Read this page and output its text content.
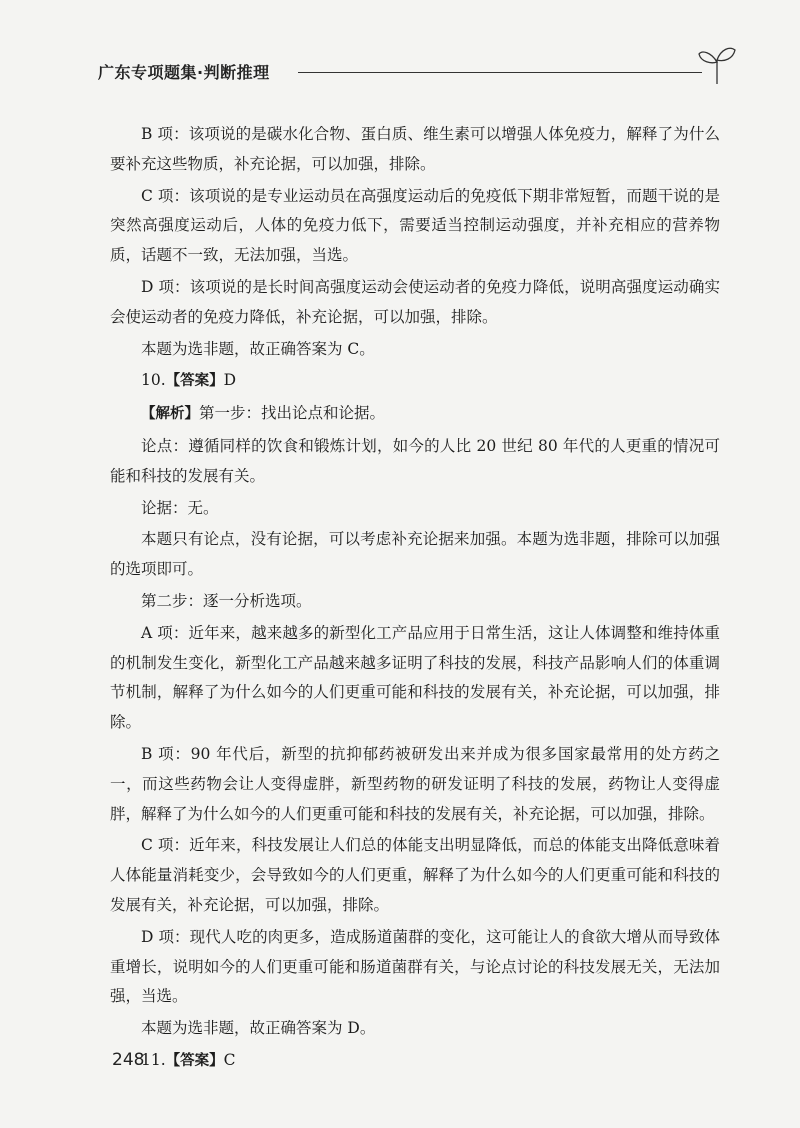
广东专项题集·判断推理

B 项：该项说的是碳水化合物、蛋白质、维生素可以增强人体免疫力，解释了为什么要补充这些物质，补充论据，可以加强，排除。

C 项：该项说的是专业运动员在高强度运动后的免疫低下期非常短暂，而题干说的是突然高强度运动后，人体的免疫力低下，需要适当控制运动强度，并补充相应的营养物质，话题不一致，无法加强，当选。

D 项：该项说的是长时间高强度运动会使运动者的免疫力降低，说明高强度运动确实会使运动者的免疫力降低，补充论据，可以加强，排除。

本题为选非题，故正确答案为 C。

10.【答案】D

【解析】第一步：找出论点和论据。

论点：遵循同样的饮食和锻炼计划，如今的人比 20 世纪 80 年代的人更重的情况可能和科技的发展有关。

论据：无。

本题只有论点，没有论据，可以考虑补充论据来加强。本题为选非题，排除可以加强的选项即可。

第二步：逐一分析选项。

A 项：近年来，越来越多的新型化工产品应用于日常生活，这让人体调整和维持体重的机制发生变化，新型化工产品越来越多证明了科技的发展，科技产品影响人们的体重调节机制，解释了为什么如今的人们更重可能和科技的发展有关，补充论据，可以加强，排除。

B 项：90 年代后，新型的抗抑郁药被研发出来并成为很多国家最常用的处方药之一，而这些药物会让人变得虚胖，新型药物的研发证明了科技的发展，药物让人变得虚胖，解释了为什么如今的人们更重可能和科技的发展有关，补充论据，可以加强，排除。

C 项：近年来，科技发展让人们总的体能支出明显降低，而总的体能支出降低意味着人体能量消耗变少，会导致如今的人们更重，解释了为什么如今的人们更重可能和科技的发展有关，补充论据，可以加强，排除。

D 项：现代人吃的肉更多，造成肠道菌群的变化，这可能让人的食欲大增从而导致体重增长，说明如今的人们更重可能和肠道菌群有关，与论点讨论的科技发展无关，无法加强，当选。

本题为选非题，故正确答案为 D。

11.【答案】C

248
